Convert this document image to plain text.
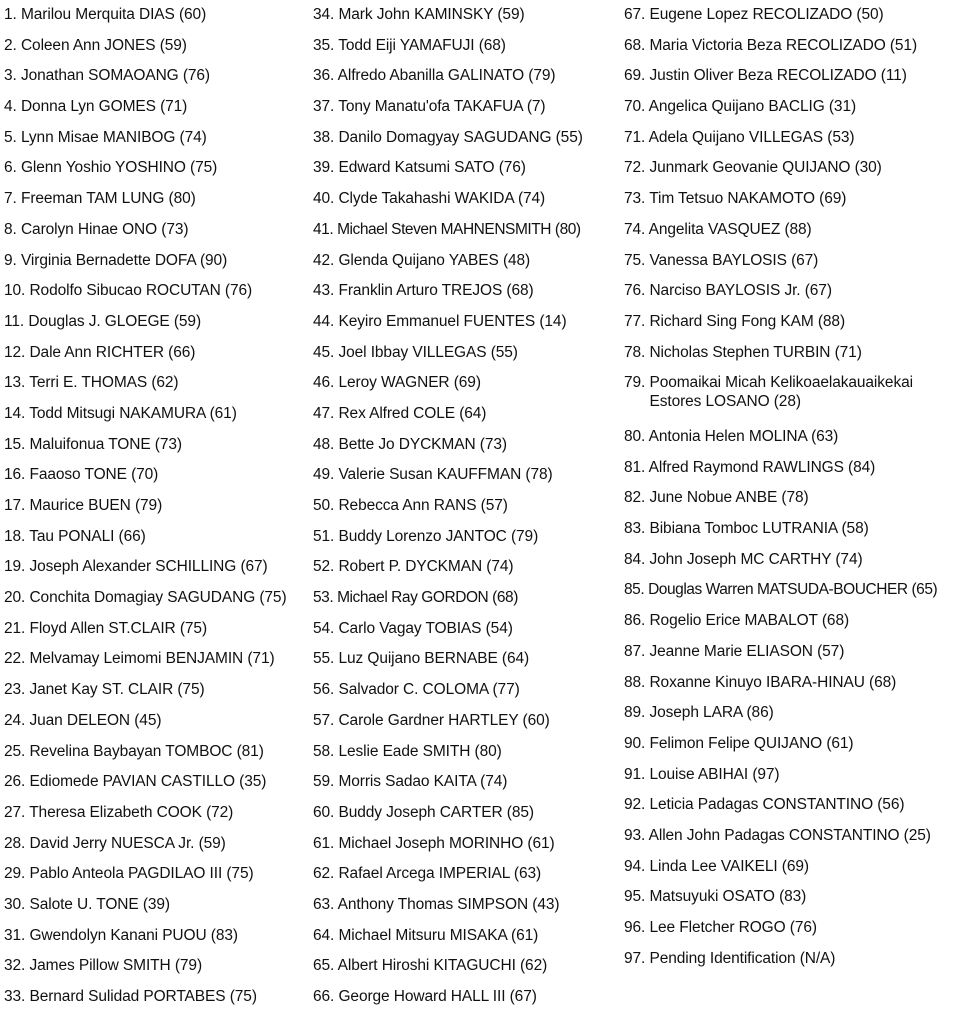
1. Marilou Merquita DIAS (60)
2. Coleen Ann JONES (59)
3. Jonathan SOMAOANG (76)
4. Donna Lyn GOMES (71)
5. Lynn Misae MANIBOG (74)
6. Glenn Yoshio YOSHINO (75)
7. Freeman TAM LUNG (80)
8. Carolyn Hinae ONO (73)
9. Virginia Bernadette DOFA (90)
10. Rodolfo Sibucao ROCUTAN (76)
11. Douglas J. GLOEGE (59)
12. Dale Ann RICHTER (66)
13. Terri E. THOMAS (62)
14. Todd Mitsugi NAKAMURA (61)
15. Maluifonua TONE (73)
16. Faaoso TONE (70)
17. Maurice BUEN (79)
18. Tau PONALI (66)
19. Joseph Alexander SCHILLING (67)
20. Conchita Domagiay SAGUDANG (75)
21. Floyd Allen ST.CLAIR (75)
22. Melvamay Leimomi BENJAMIN (71)
23. Janet Kay ST. CLAIR (75)
24. Juan DELEON (45)
25. Revelina Baybayan TOMBOC (81)
26. Ediomede PAVIAN CASTILLO (35)
27. Theresa Elizabeth COOK (72)
28. David Jerry NUESCA Jr. (59)
29. Pablo Anteola PAGDILAO III (75)
30. Salote U. TONE (39)
31. Gwendolyn Kanani PUOU (83)
32. James Pillow SMITH (79)
33. Bernard Sulidad PORTABES (75)
34. Mark John KAMINSKY (59)
35. Todd Eiji YAMAFUJI (68)
36. Alfredo Abanilla GALINATO (79)
37. Tony Manatu'ofa TAKAFUA (7)
38. Danilo Domagyay SAGUDANG (55)
39. Edward Katsumi SATO (76)
40. Clyde Takahashi WAKIDA (74)
41. Michael Steven MAHNENSMITH (80)
42. Glenda Quijano YABES (48)
43. Franklin Arturo TREJOS (68)
44. Keyiro Emmanuel FUENTES (14)
45. Joel Ibbay VILLEGAS (55)
46. Leroy WAGNER (69)
47. Rex Alfred COLE (64)
48. Bette Jo DYCKMAN (73)
49. Valerie Susan KAUFFMAN (78)
50. Rebecca Ann RANS (57)
51. Buddy Lorenzo JANTOC (79)
52. Robert P. DYCKMAN (74)
53. Michael Ray GORDON (68)
54. Carlo Vagay TOBIAS (54)
55. Luz Quijano BERNABE (64)
56. Salvador C. COLOMA (77)
57. Carole Gardner HARTLEY (60)
58. Leslie Eade SMITH (80)
59. Morris Sadao KAITA (74)
60. Buddy Joseph CARTER (85)
61. Michael Joseph MORINHO (61)
62. Rafael Arcega IMPERIAL (63)
63. Anthony Thomas SIMPSON (43)
64. Michael Mitsuru MISAKA (61)
65. Albert Hiroshi KITAGUCHI (62)
66. George Howard HALL III (67)
67. Eugene Lopez RECOLIZADO (50)
68. Maria Victoria Beza RECOLIZADO (51)
69. Justin Oliver Beza RECOLIZADO (11)
70. Angelica Quijano BACLIG (31)
71. Adela Quijano VILLEGAS (53)
72. Junmark Geovanie QUIJANO (30)
73. Tim Tetsuo NAKAMOTO (69)
74. Angelita VASQUEZ (88)
75. Vanessa BAYLOSIS (67)
76. Narciso BAYLOSIS Jr. (67)
77. Richard Sing Fong KAM (88)
78. Nicholas Stephen TURBIN (71)
79. Poomaikai Micah Kelikoaelakauaikekai Estores LOSANO (28)
80. Antonia Helen MOLINA (63)
81. Alfred Raymond RAWLINGS (84)
82. June Nobue ANBE (78)
83. Bibiana Tomboc LUTRANIA (58)
84. John Joseph MC CARTHY (74)
85. Douglas Warren MATSUDA-BOUCHER (65)
86. Rogelio Erice MABALOT (68)
87. Jeanne Marie ELIASON (57)
88. Roxanne Kinuyo IBARA-HINAU (68)
89. Joseph LARA (86)
90. Felimon Felipe QUIJANO (61)
91. Louise ABIHAI (97)
92. Leticia Padagas CONSTANTINO (56)
93. Allen John Padagas CONSTANTINO (25)
94. Linda Lee VAIKELI (69)
95. Matsuyuki OSATO (83)
96. Lee Fletcher ROGO (76)
97. Pending Identification (N/A)
